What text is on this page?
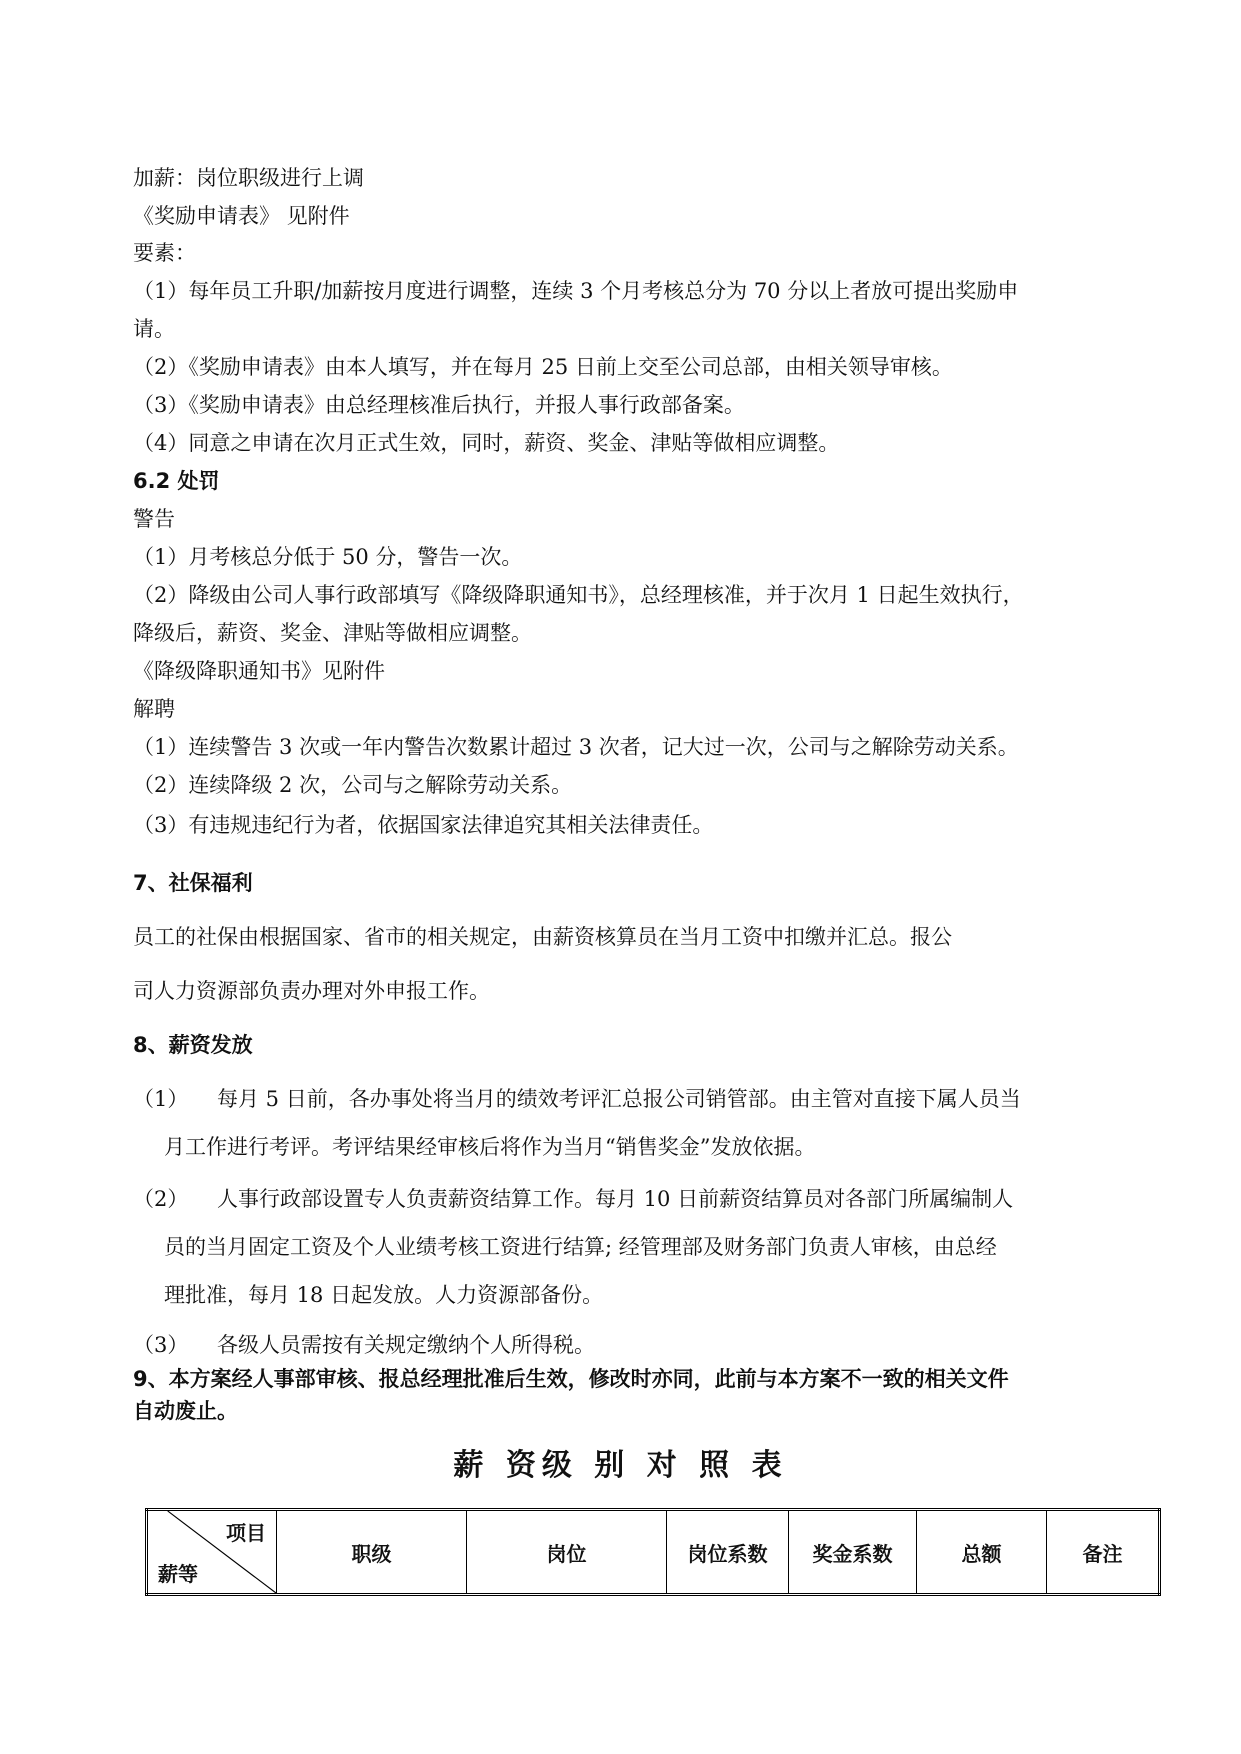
加薪：岗位职级进行上调
《奖励申请表》 见附件
要素：
（1）每年员工升职/加薪按月度进行调整，连续 3 个月考核总分为 70 分以上者放可提出奖励申
请。
（2）《奖励申请表》由本人填写，并在每月 25 日前上交至公司总部，由相关领导审核。
（3）《奖励申请表》由总经理核准后执行，并报人事行政部备案。
（4）同意之申请在次月正式生效，同时，薪资、奖金、津贴等做相应调整。
6.2 处罚
警告
（1）月考核总分低于 50 分，警告一次。
（2）降级由公司人事行政部填写《降级降职通知书》，总经理核准，并于次月 1 日起生效执行，
降级后，薪资、奖金、津贴等做相应调整。
《降级降职通知书》见附件
解聘
（1）连续警告 3 次或一年内警告次数累计超过 3 次者，记大过一次，公司与之解除劳动关系。
（2）连续降级 2 次，公司与之解除劳动关系。
（3）有违规违纪行为者，依据国家法律追究其相关法律责任。
7、社保福利
员工的社保由根据国家、省市的相关规定，由薪资核算员在当月工资中扣缴并汇总。报公
司人力资源部负责办理对外申报工作。
8、薪资发放
（1） 每月 5 日前，各办事处将当月的绩效考评汇总报公司销管部。由主管对直接下属人员当
月工作进行考评。考评结果经审核后将作为当月“销售奖金”发放依据。
（2） 人事行政部设置专人负责薪资结算工作。每月 10 日前薪资结算员对各部门所属编制人
员的当月固定工资及个人业绩考核工资进行结算; 经管理部及财务部门负责人审核，由总经
理批准，每月 18 日起发放。人力资源部备份。
（3） 各级人员需按有关规定缴纳个人所得税。
9、本方案经人事部审核、报总经理批准后生效，修改时亦同，此前与本方案不一致的相关文件
自动废止。
薪 资级 别 对 照 表
项目
薪等
	职级	岗位	岗位系数	奖金系数	总额	备注
